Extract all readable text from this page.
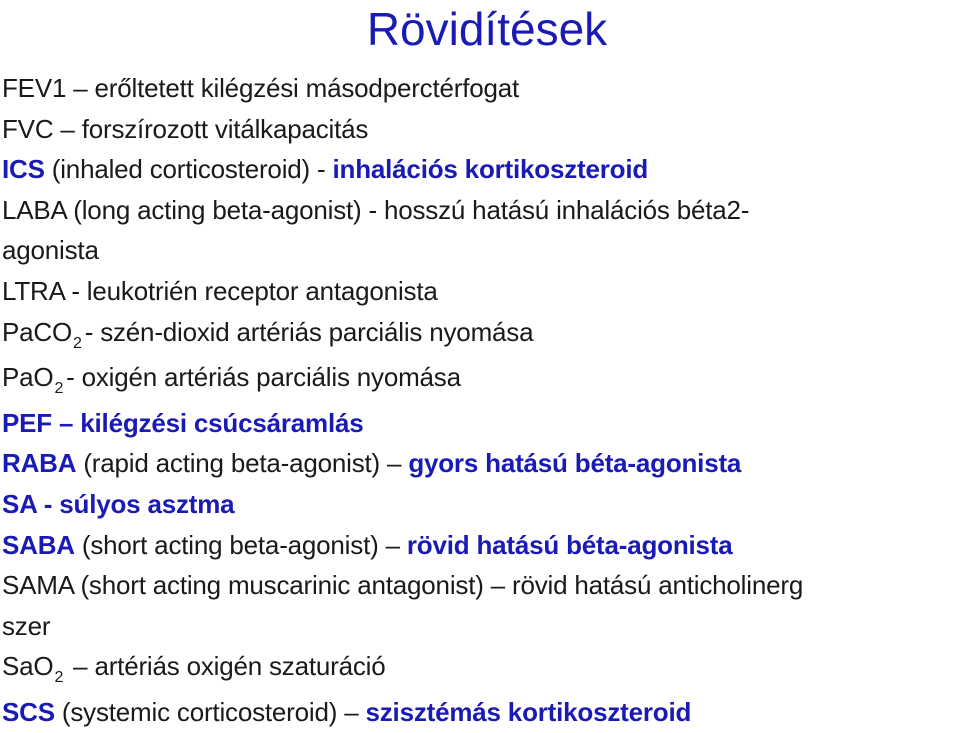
Rövidítések
FEV1 – erőltetett kilégzési másodperctérfogat
FVC – forszírozott vitálkapacitás
ICS (inhaled corticosteroid) - inhalációs kortikoszteroid
LABA (long acting beta-agonist) - hosszú hatású inhalációs béta2-
agonista
LTRA - leukotrién receptor antagonista
PaCO$_2$ - szén-dioxid artériás parciális nyomása
PaO$_2$ - oxigén artériás parciális nyomása
PEF – kilégzési csúcsáramlás
RABA (rapid acting beta-agonist) – gyors hatású béta-agonista
SA - súlyos asztma
SABA (short acting beta-agonist) – rövid hatású béta-agonista
SAMA (short acting muscarinic antagonist) – rövid hatású anticholinerg
szer
SaO$_2$ – artériás oxigén szaturáció
SCS (systemic corticosteroid) – szisztémás kortikoszteroid
